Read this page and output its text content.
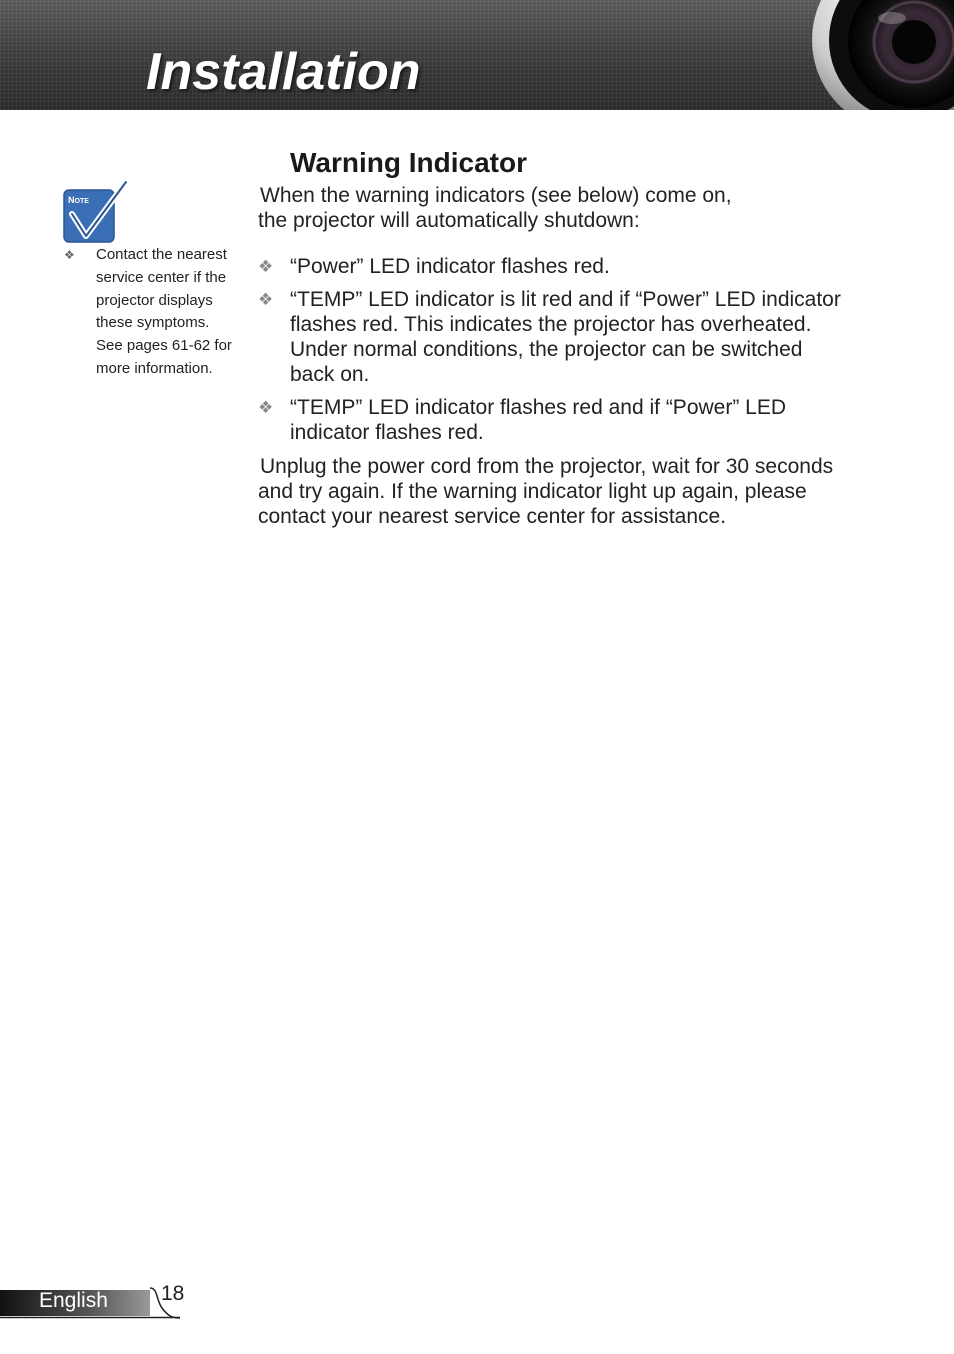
Installation
NOTE
❖ Contact the nearest
service center if the
projector displays
these symptoms.
See pages 61-62 for
more information.
Warning Indicator
When the warning indicators (see below) come on,
the projector will automatically shutdown:
❖ “Power” LED indicator flashes red.
❖ “TEMP” LED indicator is lit red and if “Power” LED indicator
flashes red. This indicates the projector has overheated.
Under normal conditions, the projector can be switched
back on.
❖ “TEMP” LED indicator flashes red and if “Power” LED
indicator flashes red.
Unplug the power cord from the projector, wait for 30 seconds
and try again. If the warning indicator light up again, please
contact your nearest service center for assistance.
English	18
